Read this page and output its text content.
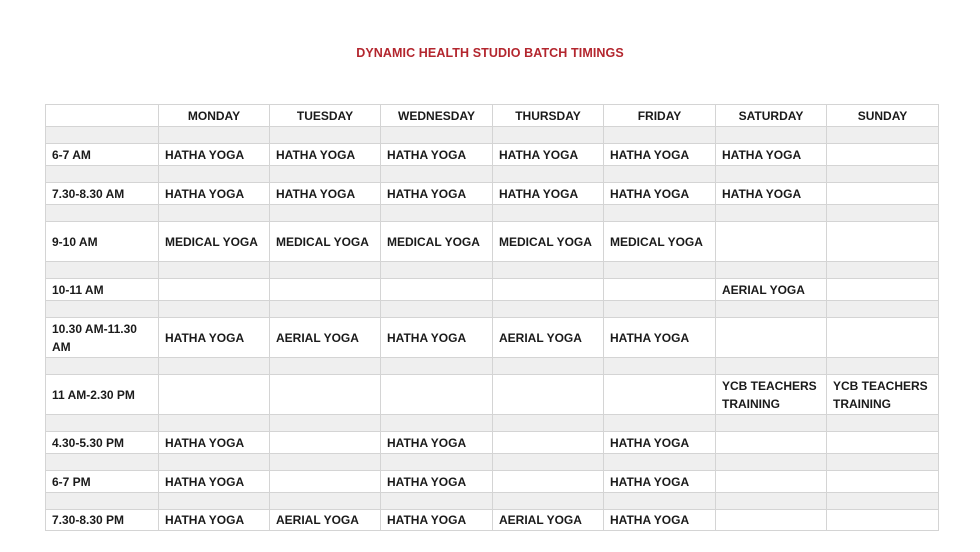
DYNAMIC HEALTH STUDIO BATCH TIMINGS
	MONDAY	TUESDAY	WEDNESDAY	THURSDAY	FRIDAY	SATURDAY	SUNDAY

6-7 AM	HATHA YOGA	HATHA YOGA	HATHA YOGA	HATHA YOGA	HATHA YOGA	HATHA YOGA	

7.30-8.30 AM	HATHA YOGA	HATHA YOGA	HATHA YOGA	HATHA YOGA	HATHA YOGA	HATHA YOGA	

9-10 AM	MEDICAL YOGA	MEDICAL YOGA	MEDICAL YOGA	MEDICAL YOGA	MEDICAL YOGA		

10-11 AM						AERIAL YOGA	

10.30 AM-11.30 AM	HATHA YOGA	AERIAL YOGA	HATHA YOGA	AERIAL YOGA	HATHA YOGA		

11 AM-2.30 PM						YCB TEACHERS TRAINING	YCB TEACHERS TRAINING

4.30-5.30 PM	HATHA YOGA		HATHA YOGA		HATHA YOGA		

6-7 PM	HATHA YOGA		HATHA YOGA		HATHA YOGA		

7.30-8.30 PM	HATHA YOGA	AERIAL YOGA	HATHA YOGA	AERIAL YOGA	HATHA YOGA		
